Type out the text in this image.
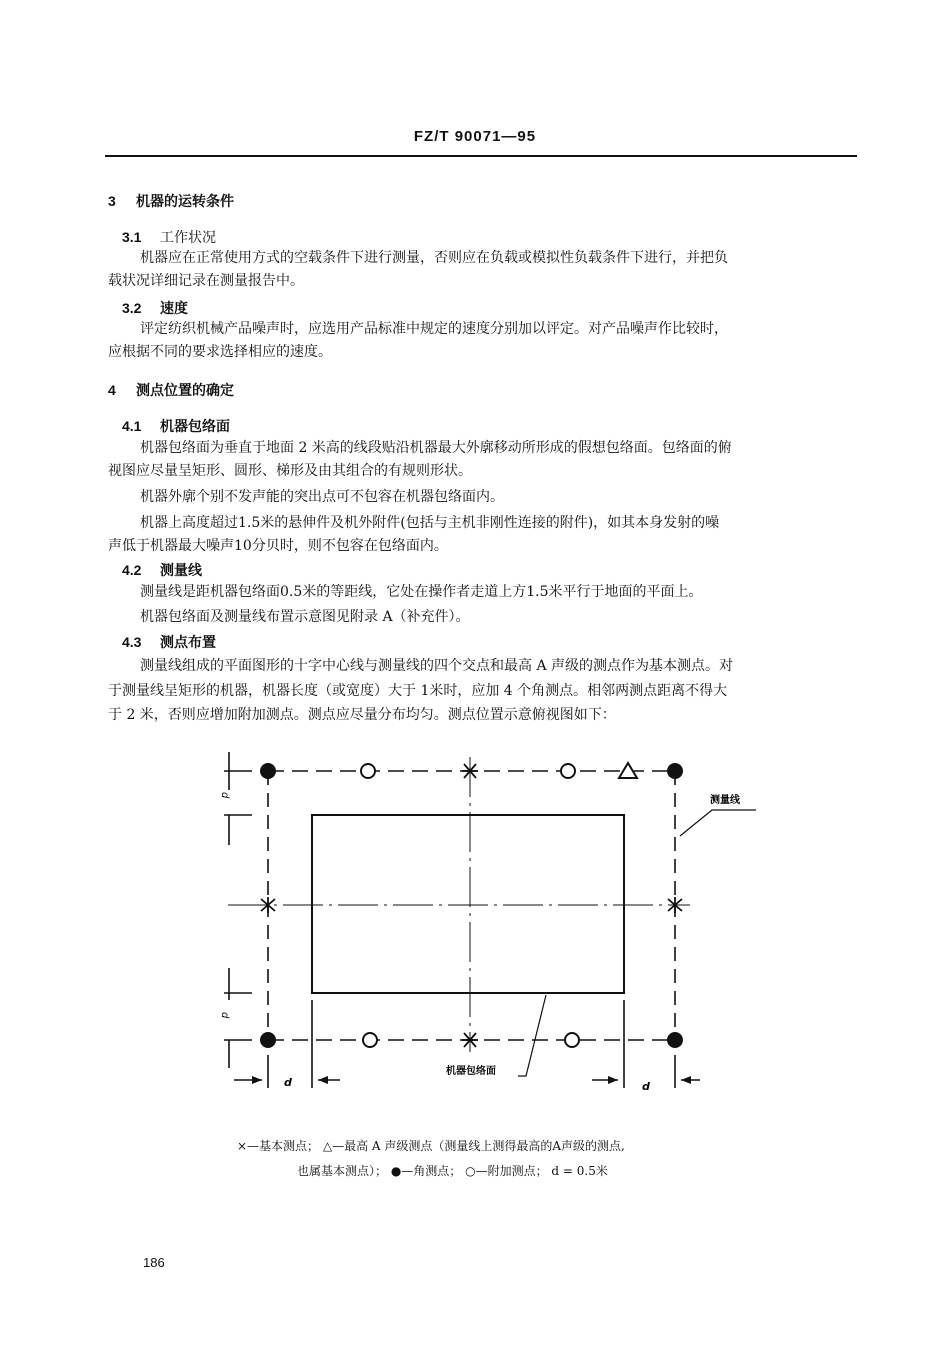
FZ/T 90071—95
3 机器的运转条件
3.1 工作状况
机器应在正常使用方式的空载条件下进行测量，否则应在负载或模拟性负载条件下进行，并把负
载状况详细记录在测量报告中。
3.2 速度
评定纺织机械产品噪声时，应选用产品标准中规定的速度分别加以评定。对产品噪声作比较时，
应根据不同的要求选择相应的速度。
4 测点位置的确定
4.1 机器包络面
机器包络面为垂直于地面 2 米高的线段贴沿机器最大外廓移动所形成的假想包络面。包络面的俯
视图应尽量呈矩形、圆形、梯形及由其组合的有规则形状。
机器外廓个别不发声能的突出点可不包容在机器包络面内。
机器上高度超过1.5米的悬伸件及机外附件(包括与主机非刚性连接的附件)，如其本身发射的噪
声低于机器最大噪声10分贝时，则不包容在包络面内。
4.2 测量线
测量线是距机器包络面0.5米的等距线，它处在操作者走道上方1.5米平行于地面的平面上。
机器包络面及测量线布置示意图见附录 A（补充件）。
4.3 测点布置
测量线组成的平面图形的十字中心线与测量线的四个交点和最高 A 声级的测点作为基本测点。对
于测量线呈矩形的机器，机器长度（或宽度）大于 1米时，应加 4 个角测点。相邻两测点距离不得大
于 2 米，否则应增加附加测点。测点应尽量分布均匀。测点位置示意俯视图如下：
测量线
机器包络面
d	d
d
d
×—基本测点； △—最高 A 声级测点（测量线上测得最高的A声级的测点,
也属基本测点）； ●—角测点； ○—附加测点； d = 0.5米
186
